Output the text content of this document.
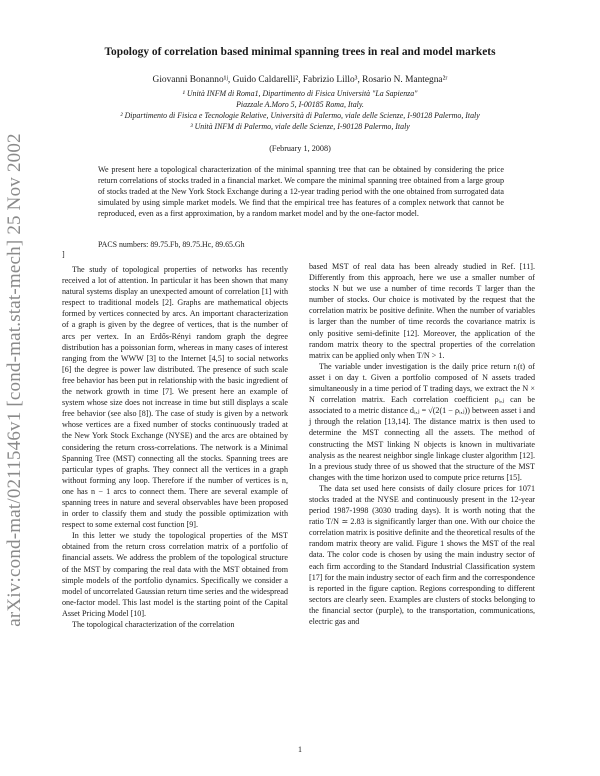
arXiv:cond-mat/0211546v1 [cond-mat.stat-mech] 25 Nov 2002
Topology of correlation based minimal spanning trees in real and model markets
Giovanni Bonanno¹ʲ, Guido Caldarelli², Fabrizio Lillo³, Rosario N. Mantegna²ʳ
¹ Unità INFM di Roma1, Dipartimento di Fisica Università "La Sapienza"
Piazzale A.Moro 5, I-00185 Roma, Italy.
² Dipartimento di Fisica e Tecnologie Relative, Università di Palermo, viale delle Scienze, I-90128 Palermo, Italy
³ Unità INFM di Palermo, viale delle Scienze, I-90128 Palermo, Italy
(February 1, 2008)
We present here a topological characterization of the minimal spanning tree that can be obtained by considering the price return correlations of stocks traded in a financial market. We compare the minimal spanning tree obtained from a large group of stocks traded at the New York Stock Exchange during a 12-year trading period with the one obtained from surrogated data simulated by using simple market models. We find that the empirical tree has features of a complex network that cannot be reproduced, even as a first approximation, by a random market model and by the one-factor model.
PACS numbers: 89.75.Fb, 89.75.Hc, 89.65.Gh
]

The study of topological properties of networks has recently received a lot of attention. In particular it has been shown that many natural systems display an unexpected amount of correlation [1] with respect to traditional models [2]. Graphs are mathematical objects formed by vertices connected by arcs. An important characterization of a graph is given by the degree of vertices, that is the number of arcs per vertex. In an Erdős-Rényi random graph the degree distribution has a poissonian form, whereas in many cases of interest ranging from the WWW [3] to the Internet [4,5] to social networks [6] the degree is power law distributed. The presence of such scale free behavior has been put in relationship with the basic ingredient of the network growth in time [7]. We present here an example of system whose size does not increase in time but still displays a scale free behavior (see also [8]). The case of study is given by a network whose vertices are a fixed number of stocks continuously traded at the New York Stock Exchange (NYSE) and the arcs are obtained by considering the return cross-correlations. The network is a Minimal Spanning Tree (MST) connecting all the stocks. Spanning trees are particular types of graphs. They connect all the vertices in a graph without forming any loop. Therefore if the number of vertices is n, one has n − 1 arcs to connect them. There are several example of spanning trees in nature and several observables have been proposed in order to classify them and study the possible optimization with respect to some external cost function [9].

In this letter we study the topological properties of the MST obtained from the return cross correlation matrix of a portfolio of financial assets. We address the problem of the topological structure of the MST by comparing the real data with the MST obtained from simple models of the portfolio dynamics. Specifically we consider a model of uncorrelated Gaussian return time series and the widespread one-factor model. This last model is the starting point of the Capital Asset Pricing Model [10].

The topological characterization of the correlation

based MST of real data has been already studied in Ref. [11]. Differently from this approach, here we use a smaller number of stocks N but we use a number of time records T larger than the number of stocks. Our choice is motivated by the request that the correlation matrix be positive definite. When the number of variables is larger than the number of time records the covariance matrix is only positive semi-definite [12]. Moreover, the application of the random matrix theory to the spectral properties of the correlation matrix can be applied only when T/N > 1.

The variable under investigation is the daily price return rᵢ(t) of asset i on day t. Given a portfolio composed of N assets traded simultaneously in a time period of T trading days, we extract the N × N correlation matrix. Each correlation coefficient ρᵢ,ⱼ can be associated to a metric distance dᵢ,ⱼ = √(2(1 − ρᵢ,ⱼ)) between asset i and j through the relation [13,14]. The distance matrix is then used to determine the MST connecting all the assets. The method of constructing the MST linking N objects is known in multivariate analysis as the nearest neighbor single linkage cluster algorithm [12]. In a previous study three of us showed that the structure of the MST changes with the time horizon used to compute price returns [15].

The data set used here consists of daily closure prices for 1071 stocks traded at the NYSE and continuously present in the 12-year period 1987-1998 (3030 trading days). It is worth noting that the ratio T/N ≃ 2.83 is significantly larger than one. With our choice the correlation matrix is positive definite and the theoretical results of the random matrix theory are valid. Figure 1 shows the MST of the real data. The color code is chosen by using the main industry sector of each firm according to the Standard Industrial Classification system [17] for the main industry sector of each firm and the correspondence is reported in the figure caption. Regions corresponding to different sectors are clearly seen. Examples are clusters of stocks belonging to the financial sector (purple), to the transportation, communications, electric gas and

1
